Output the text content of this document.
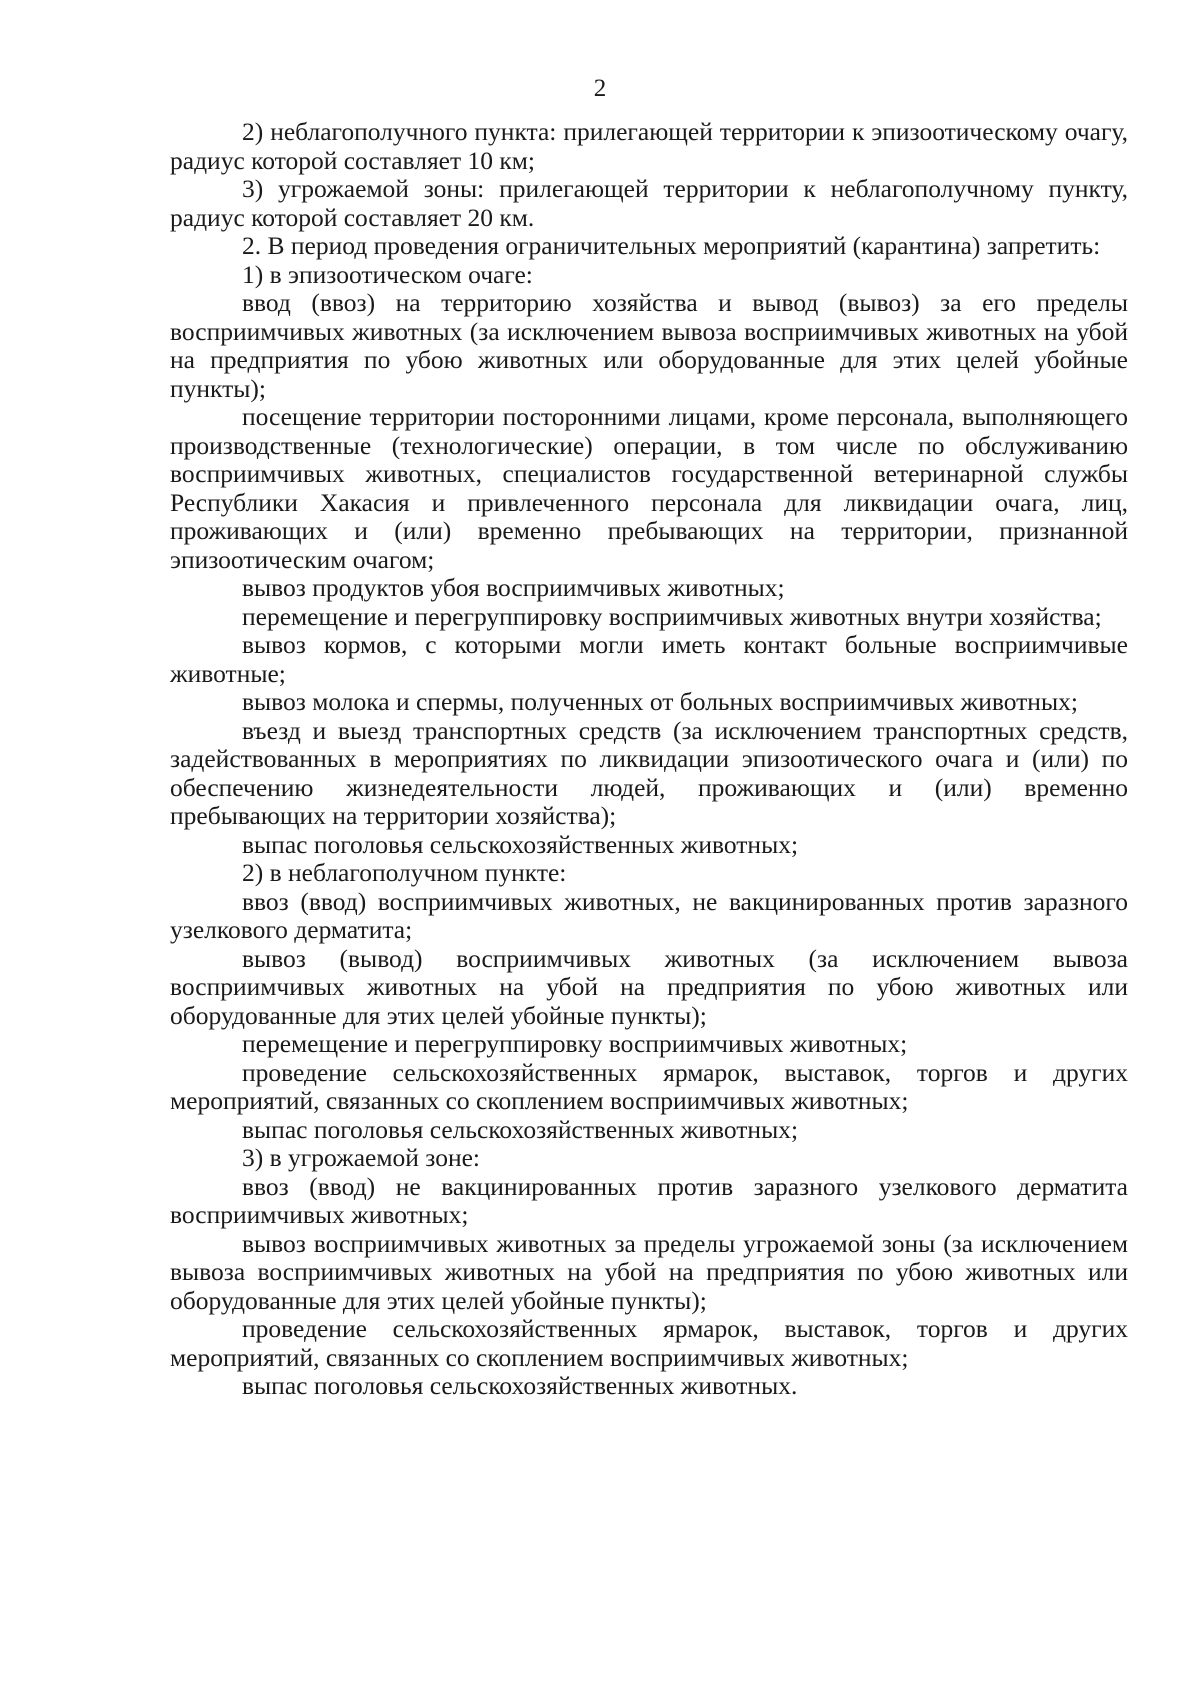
2

2) неблагополучного пункта: прилегающей территории к эпизоотическому очагу, радиус которой составляет 10 км;

3) угрожаемой зоны: прилегающей территории к неблагополучному пункту, радиус которой составляет 20 км.

2. В период проведения ограничительных мероприятий (карантина) запретить:

1) в эпизоотическом очаге:

ввод (ввоз) на территорию хозяйства и вывод (вывоз) за его пределы восприимчивых животных (за исключением вывоза восприимчивых животных на убой на предприятия по убою животных или оборудованные для этих целей убойные пункты);

посещение территории посторонними лицами, кроме персонала, выполняющего производственные (технологические) операции, в том числе по обслуживанию восприимчивых животных, специалистов государственной ветеринарной службы Республики Хакасия и привлеченного персонала для ликвидации очага, лиц, проживающих и (или) временно пребывающих на территории, признанной эпизоотическим очагом;

вывоз продуктов убоя восприимчивых животных;

перемещение и перегруппировку восприимчивых животных внутри хозяйства;

вывоз кормов, с которыми могли иметь контакт больные восприимчивые животные;

вывоз молока и спермы, полученных от больных восприимчивых животных;

въезд и выезд транспортных средств (за исключением транспортных средств, задействованных в мероприятиях по ликвидации эпизоотического очага и (или) по обеспечению жизнедеятельности людей, проживающих и (или) временно пребывающих на территории хозяйства);

выпас поголовья сельскохозяйственных животных;

2) в неблагополучном пункте:

ввоз (ввод) восприимчивых животных, не вакцинированных против заразного узелкового дерматита;

вывоз (вывод) восприимчивых животных (за исключением вывоза восприимчивых животных на убой на предприятия по убою животных или оборудованные для этих целей убойные пункты);

перемещение и перегруппировку восприимчивых животных;

проведение сельскохозяйственных ярмарок, выставок, торгов и других мероприятий, связанных со скоплением восприимчивых животных;

выпас поголовья сельскохозяйственных животных;

3) в угрожаемой зоне:

ввоз (ввод) не вакцинированных против заразного узелкового дерматита восприимчивых животных;

вывоз восприимчивых животных за пределы угрожаемой зоны (за исключением вывоза восприимчивых животных на убой на предприятия по убою животных или оборудованные для этих целей убойные пункты);

проведение сельскохозяйственных ярмарок, выставок, торгов и других мероприятий, связанных со скоплением восприимчивых животных;

выпас поголовья сельскохозяйственных животных.
